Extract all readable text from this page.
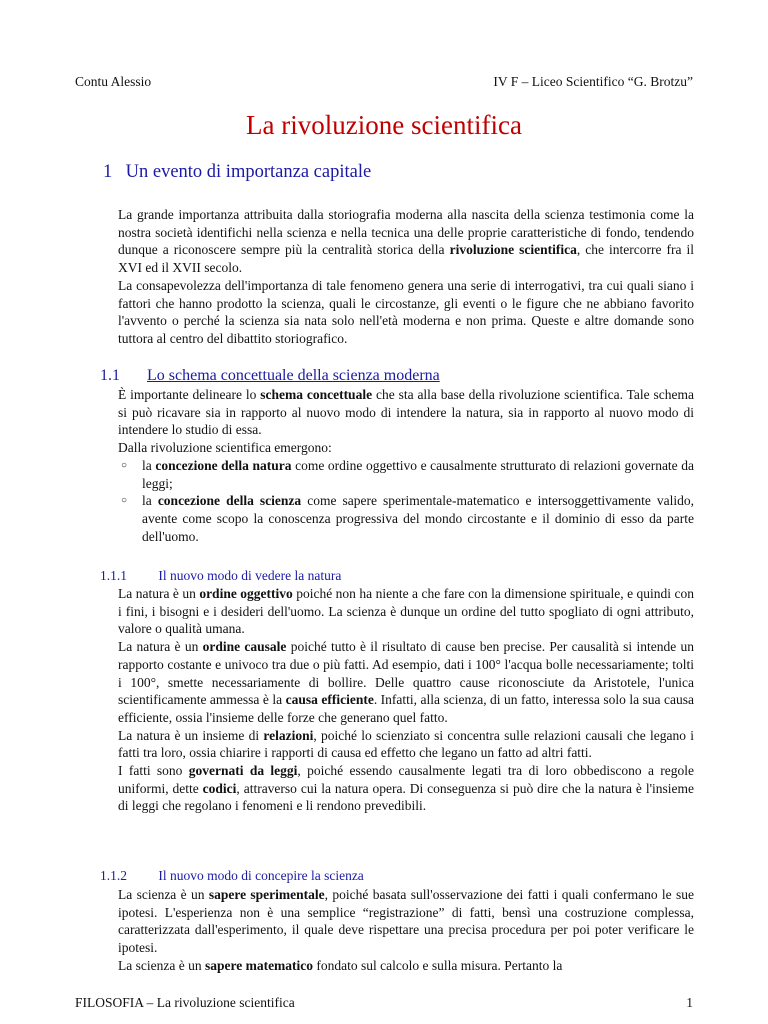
Contu Alessio	IV F – Liceo Scientifico “G. Brotzu”
La rivoluzione scientifica
1 Un evento di importanza capitale

La grande importanza attribuita dalla storiografia moderna alla nascita della scienza testimonia come la nostra società identifichi nella scienza e nella tecnica una delle proprie caratteristiche di fondo, tendendo dunque a riconoscere sempre più la centralità storica della rivoluzione scientifica, che intercorre fra il XVI ed il XVII secolo.

La consapevolezza dell'importanza di tale fenomeno genera una serie di interrogativi, tra cui quali siano i fattori che hanno prodotto la scienza, quali le circostanze, gli eventi o le figure che ne abbiano favorito l'avvento o perché la scienza sia nata solo nell'età moderna e non prima. Queste e altre domande sono tuttora al centro del dibattito storiografico.

1.1 Lo schema concettuale della scienza moderna

È importante delineare lo schema concettuale che sta alla base della rivoluzione scientifica. Tale schema si può ricavare sia in rapporto al nuovo modo di intendere la natura, sia in rapporto al nuovo modo di intendere lo studio di essa.

Dalla rivoluzione scientifica emergono:

○ la concezione della natura come ordine oggettivo e causalmente strutturato di relazioni governate da leggi;
○ la concezione della scienza come sapere sperimentale-matematico e intersoggettivamente valido, avente come scopo la conoscenza progressiva del mondo circostante e il dominio di esso da parte dell'uomo.
1.1.1 Il nuovo modo di vedere la natura

La natura è un ordine oggettivo poiché non ha niente a che fare con la dimensione spirituale, e quindi con i fini, i bisogni e i desideri dell'uomo. La scienza è dunque un ordine del tutto spogliato di ogni attributo, valore o qualità umana.

La natura è un ordine causale poiché tutto è il risultato di cause ben precise. Per causalità si intende un rapporto costante e univoco tra due o più fatti. Ad esempio, dati i 100° l'acqua bolle necessariamente; tolti i 100°, smette necessariamente di bollire. Delle quattro cause riconosciute da Aristotele, l'unica scientificamente ammessa è la causa efficiente. Infatti, alla scienza, di un fatto, interessa solo la sua causa efficiente, ossia l'insieme delle forze che generano quel fatto.

La natura è un insieme di relazioni, poiché lo scienziato si concentra sulle relazioni causali che legano i fatti tra loro, ossia chiarire i rapporti di causa ed effetto che legano un fatto ad altri fatti.

I fatti sono governati da leggi, poiché essendo causalmente legati tra di loro obbediscono a regole uniformi, dette codici, attraverso cui la natura opera. Di conseguenza si può dire che la natura è l'insieme di leggi che regolano i fenomeni e li rendono prevedibili.

1.1.2 Il nuovo modo di concepire la scienza

La scienza è un sapere sperimentale, poiché basata sull'osservazione dei fatti i quali confermano le sue ipotesi. L'esperienza non è una semplice “registrazione” di fatti, bensì una costruzione complessa, caratterizzata dall'esperimento, il quale deve rispettare una precisa procedura per poi poter verificare le ipotesi.

La scienza è un sapere matematico fondato sul calcolo e sulla misura. Pertanto la

FILOSOFIA – La rivoluzione scientifica	1
